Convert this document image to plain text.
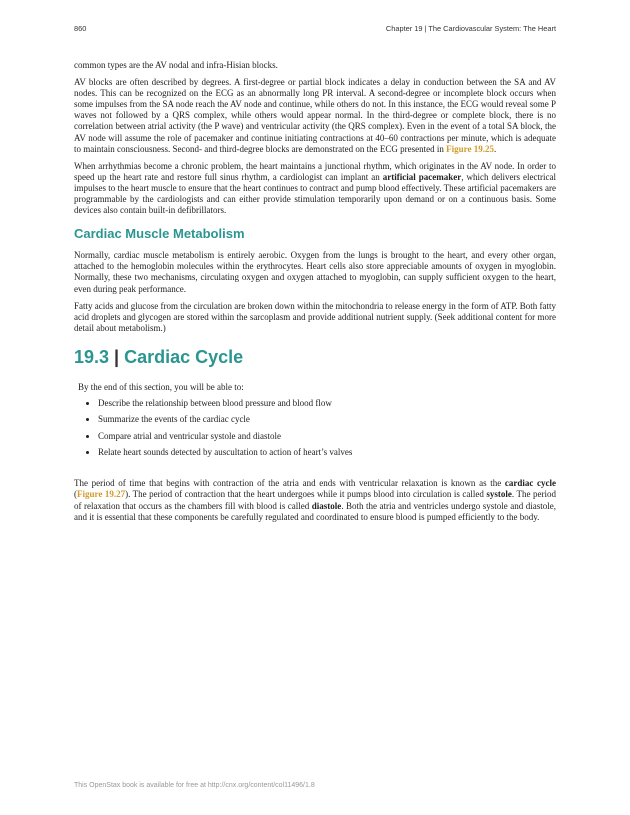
860	Chapter 19 | The Cardiovascular System: The Heart

common types are the AV nodal and infra-Hisian blocks.

AV blocks are often described by degrees. A first-degree or partial block indicates a delay in conduction between the SA and AV nodes. This can be recognized on the ECG as an abnormally long PR interval. A second-degree or incomplete block occurs when some impulses from the SA node reach the AV node and continue, while others do not. In this instance, the ECG would reveal some P waves not followed by a QRS complex, while others would appear normal. In the third-degree or complete block, there is no correlation between atrial activity (the P wave) and ventricular activity (the QRS complex). Even in the event of a total SA block, the AV node will assume the role of pacemaker and continue initiating contractions at 40–60 contractions per minute, which is adequate to maintain consciousness. Second- and third-degree blocks are demonstrated on the ECG presented in Figure 19.25.

When arrhythmias become a chronic problem, the heart maintains a junctional rhythm, which originates in the AV node. In order to speed up the heart rate and restore full sinus rhythm, a cardiologist can implant an artificial pacemaker, which delivers electrical impulses to the heart muscle to ensure that the heart continues to contract and pump blood effectively. These artificial pacemakers are programmable by the cardiologists and can either provide stimulation temporarily upon demand or on a continuous basis. Some devices also contain built-in defibrillators.

Cardiac Muscle Metabolism

Normally, cardiac muscle metabolism is entirely aerobic. Oxygen from the lungs is brought to the heart, and every other organ, attached to the hemoglobin molecules within the erythrocytes. Heart cells also store appreciable amounts of oxygen in myoglobin. Normally, these two mechanisms, circulating oxygen and oxygen attached to myoglobin, can supply sufficient oxygen to the heart, even during peak performance.

Fatty acids and glucose from the circulation are broken down within the mitochondria to release energy in the form of ATP. Both fatty acid droplets and glycogen are stored within the sarcoplasm and provide additional nutrient supply. (Seek additional content for more detail about metabolism.)

19.3 | Cardiac Cycle
By the end of this section, you will be able to:
• Describe the relationship between blood pressure and blood flow
• Summarize the events of the cardiac cycle
• Compare atrial and ventricular systole and diastole
• Relate heart sounds detected by auscultation to action of heart’s valves

The period of time that begins with contraction of the atria and ends with ventricular relaxation is known as the cardiac cycle (Figure 19.27). The period of contraction that the heart undergoes while it pumps blood into circulation is called systole. The period of relaxation that occurs as the chambers fill with blood is called diastole. Both the atria and ventricles undergo systole and diastole, and it is essential that these components be carefully regulated and coordinated to ensure blood is pumped efficiently to the body.

This OpenStax book is available for free at http://cnx.org/content/col11496/1.8
